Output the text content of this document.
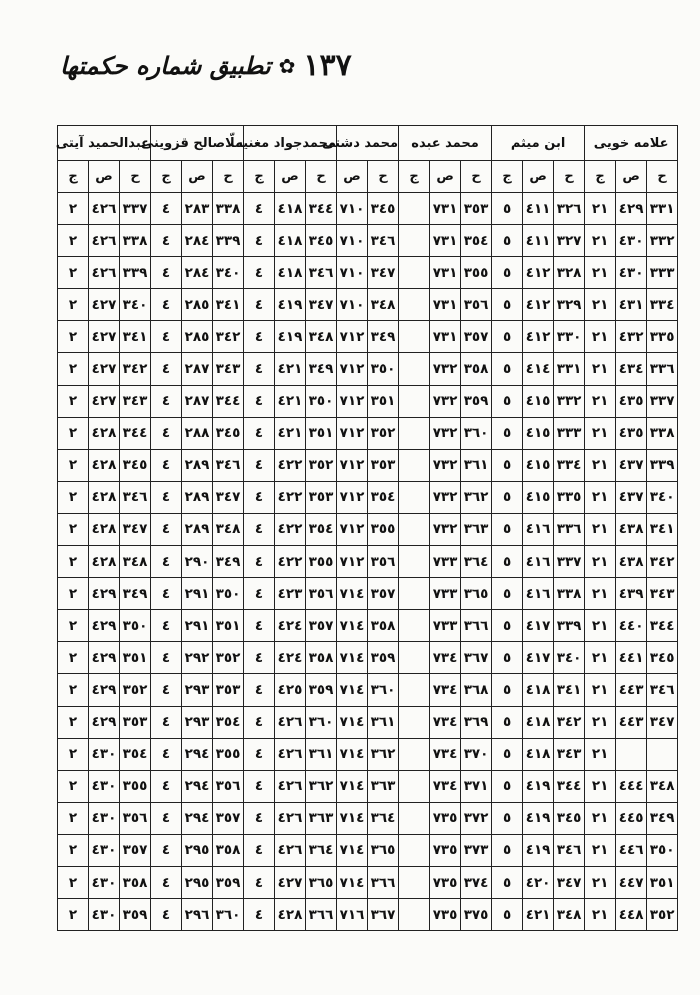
١٣٧
✿
تطبیق شماره حکمتها
علامه خویی			ابن میثم			محمد عبده			محمد دشتی		محمدجواد مغنیه			ملّاصالح قزوینی			عبدالحمید آیتی		
ح	ص	ج	ح	ص	ج	ح	ص	ج	ح	ص	ح	ص	ج	ح	ص	ج	ح	ص	ج
٣٣١	٤٢٩	٢١	٣٢٦	٤١١	٥	٣٥٣	٧٣١		٣٤٥	٧١٠	٣٤٤	٤١٨	٤	٣٣٨	٢٨٣	٤	٣٣٧	٤٢٦	٢
٣٣٢	٤٣٠	٢١	٣٢٧	٤١١	٥	٣٥٤	٧٣١		٣٤٦	٧١٠	٣٤٥	٤١٨	٤	٣٣٩	٢٨٤	٤	٣٣٨	٤٢٦	٢
٣٣٣	٤٣٠	٢١	٣٢٨	٤١٢	٥	٣٥٥	٧٣١		٣٤٧	٧١٠	٣٤٦	٤١٨	٤	٣٤٠	٢٨٤	٤	٣٣٩	٤٢٦	٢
٣٣٤	٤٣١	٢١	٣٢٩	٤١٢	٥	٣٥٦	٧٣١		٣٤٨	٧١٠	٣٤٧	٤١٩	٤	٣٤١	٢٨٥	٤	٣٤٠	٤٢٧	٢
٣٣٥	٤٣٢	٢١	٣٣٠	٤١٢	٥	٣٥٧	٧٣١		٣٤٩	٧١٢	٣٤٨	٤١٩	٤	٣٤٢	٢٨٥	٤	٣٤١	٤٢٧	٢
٣٣٦	٤٣٤	٢١	٣٣١	٤١٤	٥	٣٥٨	٧٣٢		٣٥٠	٧١٢	٣٤٩	٤٢١	٤	٣٤٣	٢٨٧	٤	٣٤٢	٤٢٧	٢
٣٣٧	٤٣٥	٢١	٣٣٢	٤١٥	٥	٣٥٩	٧٣٢		٣٥١	٧١٢	٣٥٠	٤٢١	٤	٣٤٤	٢٨٧	٤	٣٤٣	٤٢٧	٢
٣٣٨	٤٣٥	٢١	٣٣٣	٤١٥	٥	٣٦٠	٧٣٢		٣٥٢	٧١٢	٣٥١	٤٢١	٤	٣٤٥	٢٨٨	٤	٣٤٤	٤٢٨	٢
٣٣٩	٤٣٧	٢١	٣٣٤	٤١٥	٥	٣٦١	٧٣٢		٣٥٣	٧١٢	٣٥٢	٤٢٢	٤	٣٤٦	٢٨٩	٤	٣٤٥	٤٢٨	٢
٣٤٠	٤٣٧	٢١	٣٣٥	٤١٥	٥	٣٦٢	٧٣٢		٣٥٤	٧١٢	٣٥٣	٤٢٢	٤	٣٤٧	٢٨٩	٤	٣٤٦	٤٢٨	٢
٣٤١	٤٣٨	٢١	٣٣٦	٤١٦	٥	٣٦٣	٧٣٢		٣٥٥	٧١٢	٣٥٤	٤٢٢	٤	٣٤٨	٢٨٩	٤	٣٤٧	٤٢٨	٢
٣٤٢	٤٣٨	٢١	٣٣٧	٤١٦	٥	٣٦٤	٧٣٣		٣٥٦	٧١٢	٣٥٥	٤٢٢	٤	٣٤٩	٢٩٠	٤	٣٤٨	٤٢٨	٢
٣٤٣	٤٣٩	٢١	٣٣٨	٤١٦	٥	٣٦٥	٧٣٣		٣٥٧	٧١٤	٣٥٦	٤٢٣	٤	٣٥٠	٢٩١	٤	٣٤٩	٤٢٩	٢
٣٤٤	٤٤٠	٢١	٣٣٩	٤١٧	٥	٣٦٦	٧٣٣		٣٥٨	٧١٤	٣٥٧	٤٢٤	٤	٣٥١	٢٩١	٤	٣٥٠	٤٢٩	٢
٣٤٥	٤٤١	٢١	٣٤٠	٤١٧	٥	٣٦٧	٧٣٤		٣٥٩	٧١٤	٣٥٨	٤٢٤	٤	٣٥٢	٢٩٢	٤	٣٥١	٤٢٩	٢
٣٤٦	٤٤٣	٢١	٣٤١	٤١٨	٥	٣٦٨	٧٣٤		٣٦٠	٧١٤	٣٥٩	٤٢٥	٤	٣٥٣	٢٩٣	٤	٣٥٢	٤٢٩	٢
٣٤٧	٤٤٣	٢١	٣٤٢	٤١٨	٥	٣٦٩	٧٣٤		٣٦١	٧١٤	٣٦٠	٤٢٦	٤	٣٥٤	٢٩٣	٤	٣٥٣	٤٢٩	٢
		٢١	٣٤٣	٤١٨	٥	٣٧٠	٧٣٤		٣٦٢	٧١٤	٣٦١	٤٢٦	٤	٣٥٥	٢٩٤	٤	٣٥٤	٤٣٠	٢
٣٤٨	٤٤٤	٢١	٣٤٤	٤١٩	٥	٣٧١	٧٣٤		٣٦٣	٧١٤	٣٦٢	٤٢٦	٤	٣٥٦	٢٩٤	٤	٣٥٥	٤٣٠	٢
٣٤٩	٤٤٥	٢١	٣٤٥	٤١٩	٥	٣٧٢	٧٣٥		٣٦٤	٧١٤	٣٦٣	٤٢٦	٤	٣٥٧	٢٩٤	٤	٣٥٦	٤٣٠	٢
٣٥٠	٤٤٦	٢١	٣٤٦	٤١٩	٥	٣٧٣	٧٣٥		٣٦٥	٧١٤	٣٦٤	٤٢٦	٤	٣٥٨	٢٩٥	٤	٣٥٧	٤٣٠	٢
٣٥١	٤٤٧	٢١	٣٤٧	٤٢٠	٥	٣٧٤	٧٣٥		٣٦٦	٧١٤	٣٦٥	٤٢٧	٤	٣٥٩	٢٩٥	٤	٣٥٨	٤٣٠	٢
٣٥٢	٤٤٨	٢١	٣٤٨	٤٢١	٥	٣٧٥	٧٣٥		٣٦٧	٧١٦	٣٦٦	٤٢٨	٤	٣٦٠	٢٩٦	٤	٣٥٩	٤٣٠	٢
